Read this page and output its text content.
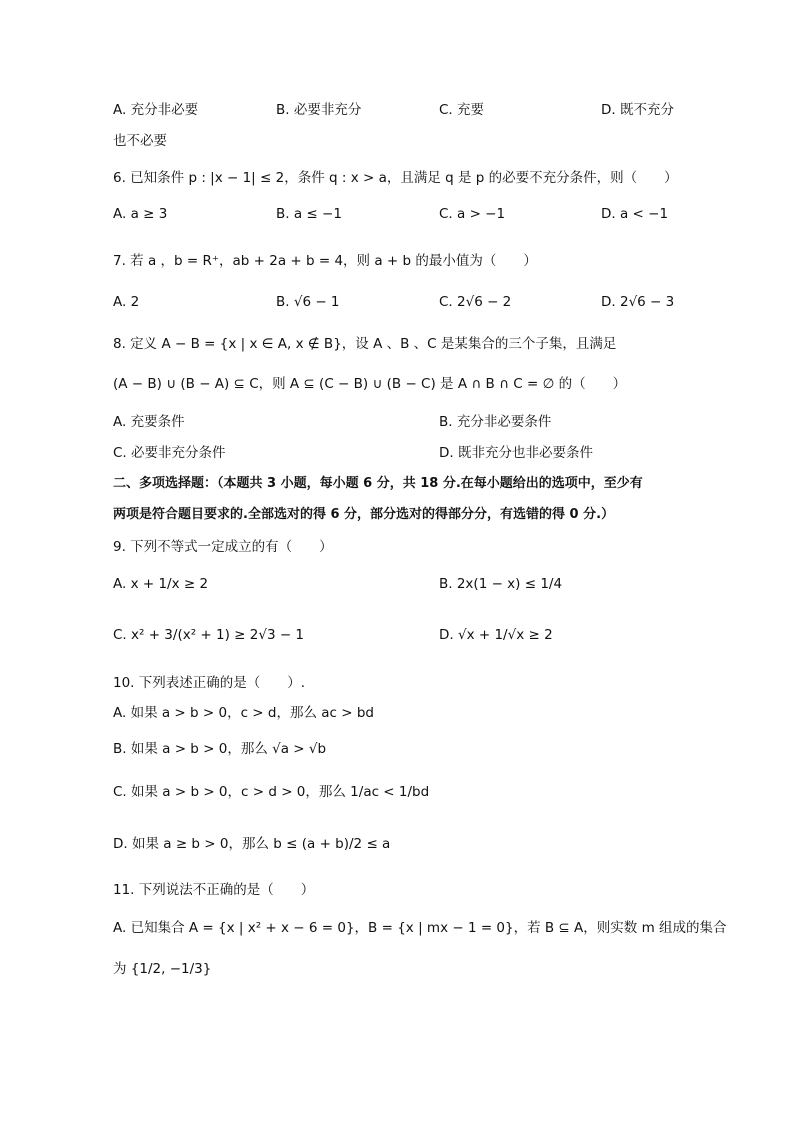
A. 充分非必要	B. 必要非充分	C. 充要	D. 既不充分
也不必要
6. 已知条件 p : |x − 1| ≤ 2，条件 q : x > a，且满足 q 是 p 的必要不充分条件，则（　　）
A. a ≥ 3	B. a ≤ −1	C. a > −1	D. a < −1
7. 若 a ，b = R⁺，ab + 2a + b = 4，则 a + b 的最小值为（　　）
A. 2	B. √6 − 1	C. 2√6 − 2	D. 2√6 − 3
8. 定义 A − B = {x | x ∈ A, x ∉ B}，设 A 、B 、C 是某集合的三个子集，且满足
(A − B) ∪ (B − A) ⊆ C，则 A ⊆ (C − B) ∪ (B − C) 是 A ∩ B ∩ C = ∅ 的（　　）
A. 充要条件	B. 充分非必要条件
C. 必要非充分条件	D. 既非充分也非必要条件
二、多项选择题：（本题共 3 小题，每小题 6 分，共 18 分.在每小题给出的选项中，至少有
两项是符合题目要求的.全部选对的得 6 分，部分选对的得部分分，有选错的得 0 分.）
9. 下列不等式一定成立的有（　　）
A. x + 1/x ≥ 2	B. 2x(1 − x) ≤ 1/4
C. x² + 3/(x² + 1) ≥ 2√3 − 1	D. √x + 1/√x ≥ 2
10. 下列表述正确的是（　　）.
A. 如果 a > b > 0，c > d，那么 ac > bd
B. 如果 a > b > 0，那么 √a > √b
C. 如果 a > b > 0，c > d > 0，那么 1/ac < 1/bd
D. 如果 a ≥ b > 0，那么 b ≤ (a + b)/2 ≤ a
11. 下列说法不正确的是（　　）
A. 已知集合 A = {x | x² + x − 6 = 0}，B = {x | mx − 1 = 0}，若 B ⊆ A，则实数 m 组成的集合
为 {1/2, −1/3}
